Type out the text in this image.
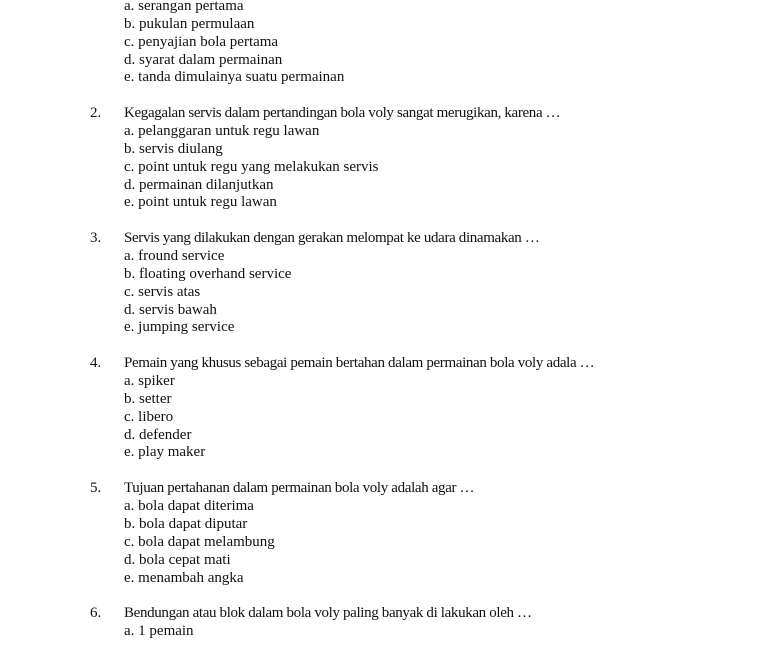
a. serangan pertama
b. pukulan permulaan
c. penyajian bola pertama
d. syarat dalam permainan
e. tanda dimulainya suatu permainan
2. Kegagalan servis dalam pertandingan bola voly sangat merugikan, karena …
a. pelanggaran untuk regu lawan
b. servis diulang
c. point untuk regu yang melakukan servis
d. permainan dilanjutkan
e. point untuk regu lawan
3. Servis yang dilakukan dengan gerakan melompat ke udara dinamakan …
a. fround service
b. floating overhand service
c. servis atas
d. servis bawah
e. jumping service
4. Pemain yang khusus sebagai pemain bertahan dalam permainan bola voly adala …
a. spiker
b. setter
c. libero
d. defender
e. play maker
5. Tujuan pertahanan dalam permainan bola voly adalah agar …
a. bola dapat diterima
b. bola dapat diputar
c. bola dapat melambung
d. bola cepat mati
e. menambah angka
6. Bendungan atau blok dalam bola voly paling banyak di lakukan oleh …
a. 1 pemain
